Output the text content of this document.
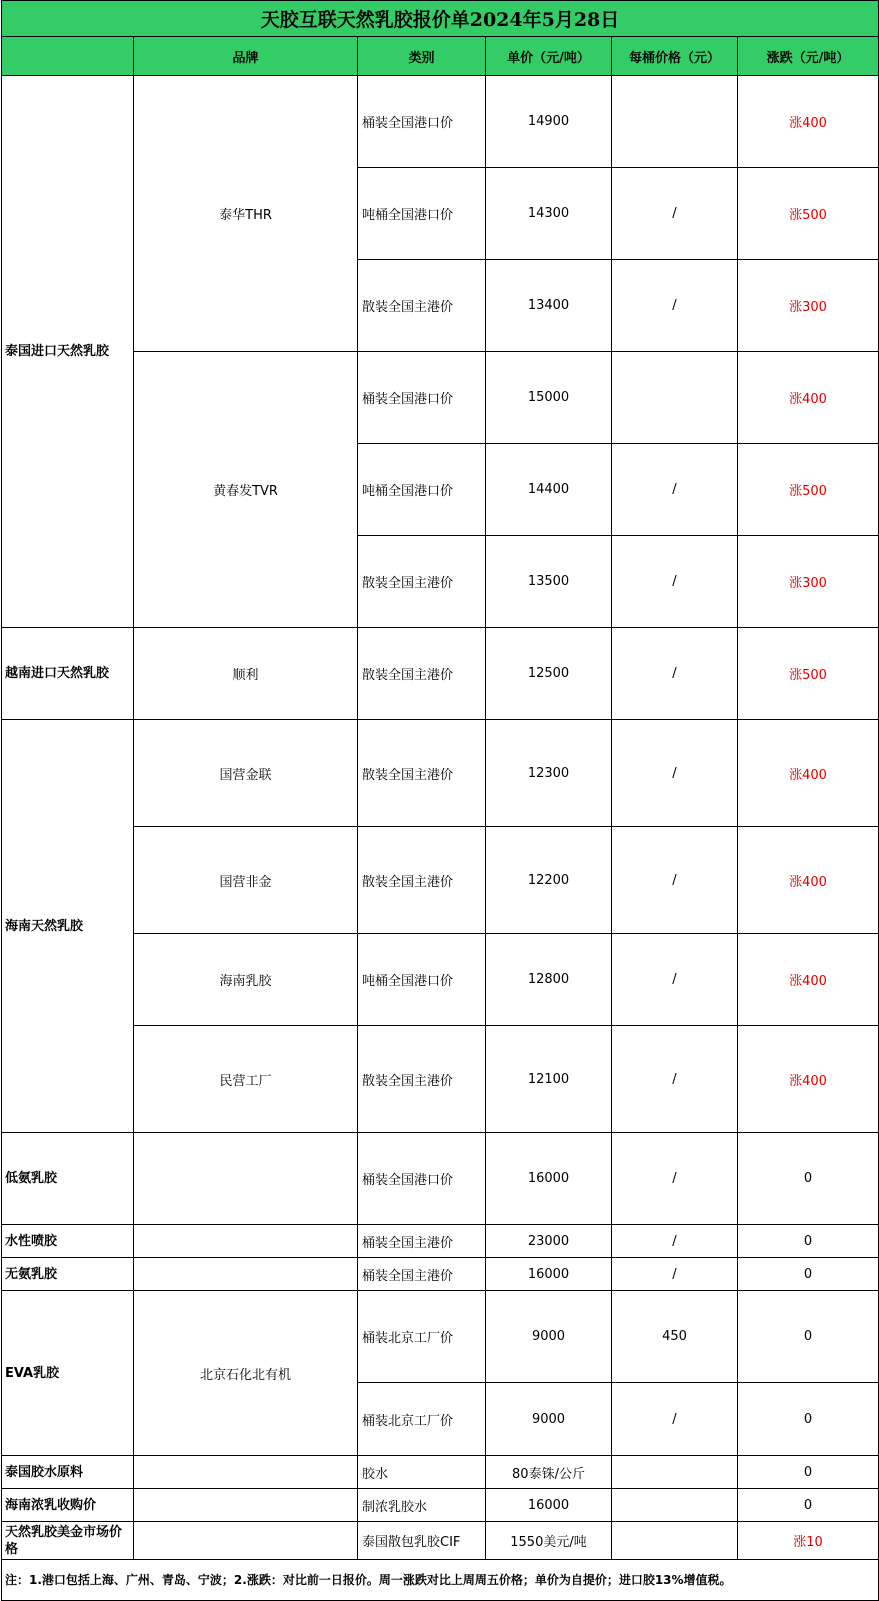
天胶互联天然乳胶报价单2024年5月28日						
	品牌	类别	单价（元/吨）	每桶价格（元）	涨跌（元/吨）	
泰国进口天然乳胶	泰华THR	桶装全国港口价	14900		涨400	
		吨桶全国港口价	14300	/	涨500	
		散装全国主港价	13400	/	涨300	
	黄春发TVR	桶装全国港口价	15000		涨400	
		吨桶全国港口价	14400	/	涨500	
		散装全国主港价	13500	/	涨300	
越南进口天然乳胶	顺利	散装全国主港价	12500	/	涨500	
海南天然乳胶	国营金联	散装全国主港价	12300	/	涨400	
	国营非金	散装全国主港价	12200	/	涨400	
	海南乳胶	吨桶全国港口价	12800	/	涨400	
	民营工厂	散装全国主港价	12100	/	涨400	
低氨乳胶		桶装全国港口价	16000	/	0	
水性喷胶		桶装全国主港价	23000	/	0	
无氨乳胶		桶装全国主港价	16000	/	0	
EVA乳胶	北京石化北有机	桶装北京工厂价	9000	450	0	
		桶装北京工厂价	9000	/	0	
泰国胶水原料		胶水	80泰铢/公斤		0	
海南浓乳收购价		制浓乳胶水	16000		0	
天然乳胶美金市场价格		泰国散包乳胶CIF	1550美元/吨		涨10	
注：1.港口包括上海、广州、青岛、宁波；2.涨跌：对比前一日报价。周一涨跌对比上周周五价格；单价为自提价；进口胶13%增值税。						
